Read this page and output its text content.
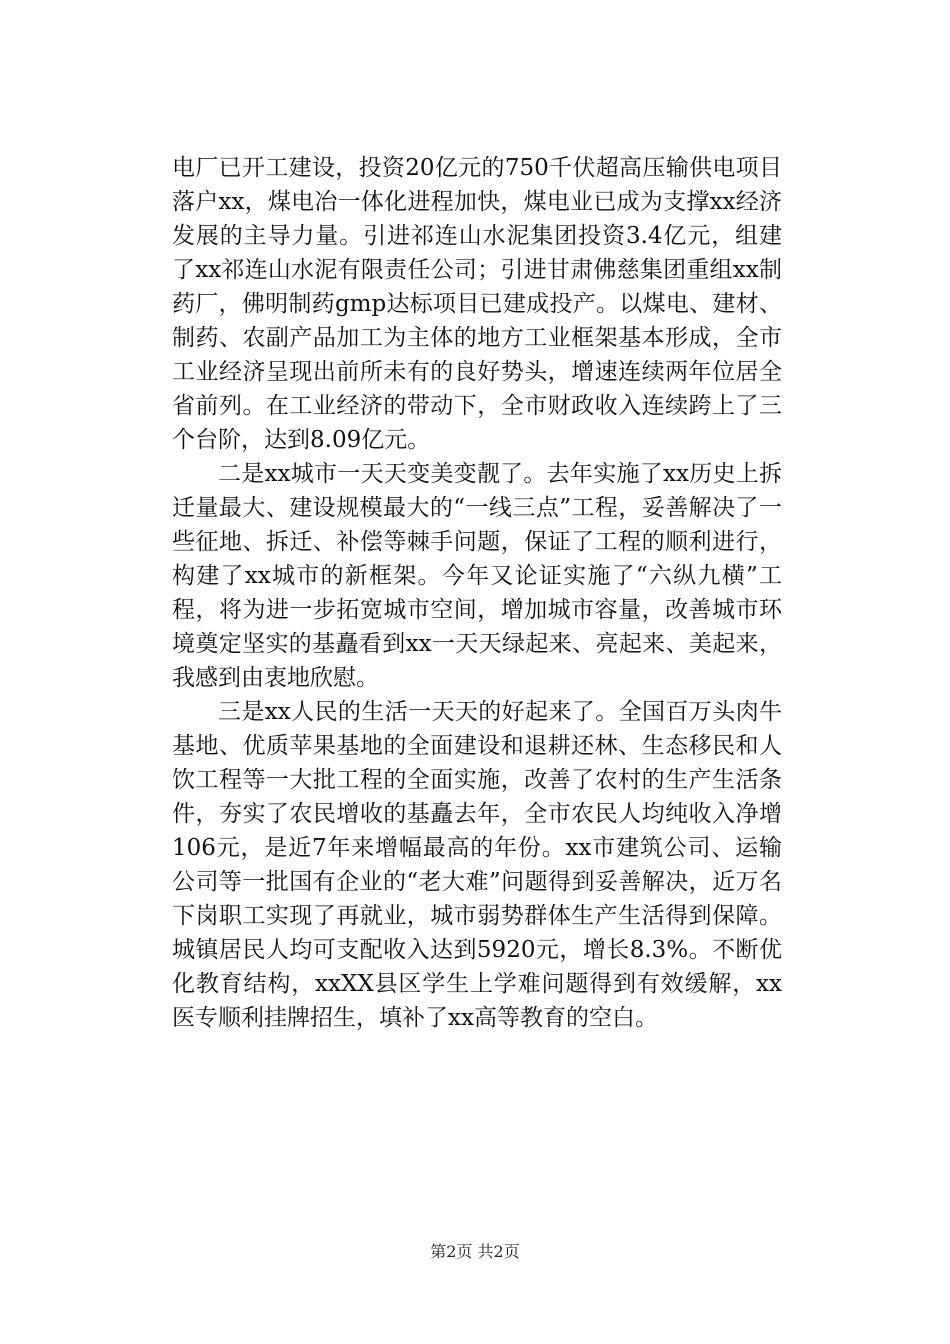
电厂已开工建设，投资20亿元的750千伏超高压输供电项目落户xx，煤电冶一体化进程加快，煤电业已成为支撑xx经济发展的主导力量。引进祁连山水泥集团投资3.4亿元，组建了xx祁连山水泥有限责任公司；引进甘肃佛慈集团重组xx制药厂，佛明制药gmp达标项目已建成投产。以煤电、建材、制药、农副产品加工为主体的地方工业框架基本形成，全市工业经济呈现出前所未有的良好势头，增速连续两年位居全省前列。在工业经济的带动下，全市财政收入连续跨上了三个台阶，达到8.09亿元。

二是xx城市一天天变美变靓了。去年实施了xx历史上拆迁量最大、建设规模最大的“一线三点”工程，妥善解决了一些征地、拆迁、补偿等棘手问题，保证了工程的顺利进行，构建了xx城市的新框架。今年又论证实施了“六纵九横”工程，将为进一步拓宽城市空间，增加城市容量，改善城市环境奠定坚实的基矗看到xx一天天绿起来、亮起来、美起来，我感到由衷地欣慰。

三是xx人民的生活一天天的好起来了。全国百万头肉牛基地、优质苹果基地的全面建设和退耕还林、生态移民和人饮工程等一大批工程的全面实施，改善了农村的生产生活条件，夯实了农民增收的基矗去年，全市农民人均纯收入净增106元，是近7年来增幅最高的年份。xx市建筑公司、运输公司等一批国有企业的“老大难”问题得到妥善解决，近万名下岗职工实现了再就业，城市弱势群体生产生活得到保障。城镇居民人均可支配收入达到5920元，增长8.3%。不断优化教育结构，xxXX县区学生上学难问题得到有效缓解，xx医专顺利挂牌招生，填补了xx高等教育的空白。

第2页 共2页
